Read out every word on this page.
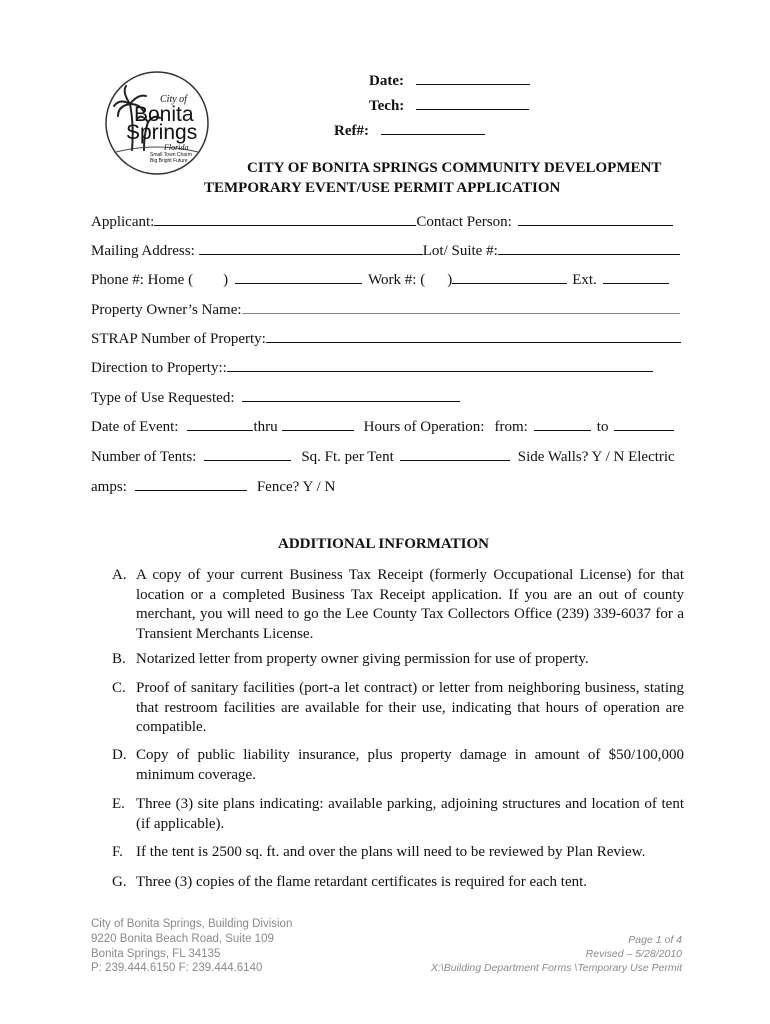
City of
Bonita
Springs
Florida
Small Town Charm
Big Bright Future
Date:
Tech:
Ref#:
CITY OF BONITA SPRINGS COMMUNITY DEVELOPMENT
TEMPORARY EVENT/USE PERMIT APPLICATION
Applicant:	Contact Person:
Mailing Address:	Lot/ Suite #:
Phone #: Home ( )	Work #: ( )	Ext.
Property Owner’s Name:
STRAP Number of Property:
Direction to Property::
Type of Use Requested:
Date of Event:	thru	Hours of Operation: from:	to
Number of Tents:	Sq. Ft. per Tent	Side Walls? Y / N Electric
amps:	Fence? Y / N
ADDITIONAL INFORMATION
A. A copy of your current Business Tax Receipt (formerly Occupational License) for that location or a completed Business Tax Receipt application. If you are an out of county merchant, you will need to go the Lee County Tax Collectors Office (239) 339-6037 for a Transient Merchants License.
B. Notarized letter from property owner giving permission for use of property.
C. Proof of sanitary facilities (port-a let contract) or letter from neighboring business, stating that restroom facilities are available for their use, indicating that hours of operation are compatible.
D. Copy of public liability insurance, plus property damage in amount of $50/100,000 minimum coverage.
E. Three (3) site plans indicating: available parking, adjoining structures and location of tent (if applicable).
F. If the tent is 2500 sq. ft. and over the plans will need to be reviewed by Plan Review.
G. Three (3) copies of the flame retardant certificates is required for each tent.
City of Bonita Springs, Building Division
9220 Bonita Beach Road, Suite 109
Bonita Springs, FL 34135
P: 239.444.6150 F: 239.444.6140
Page 1 of 4
Revised – 5/28/2010
X:\Building Department Forms \Temporary Use Permit
